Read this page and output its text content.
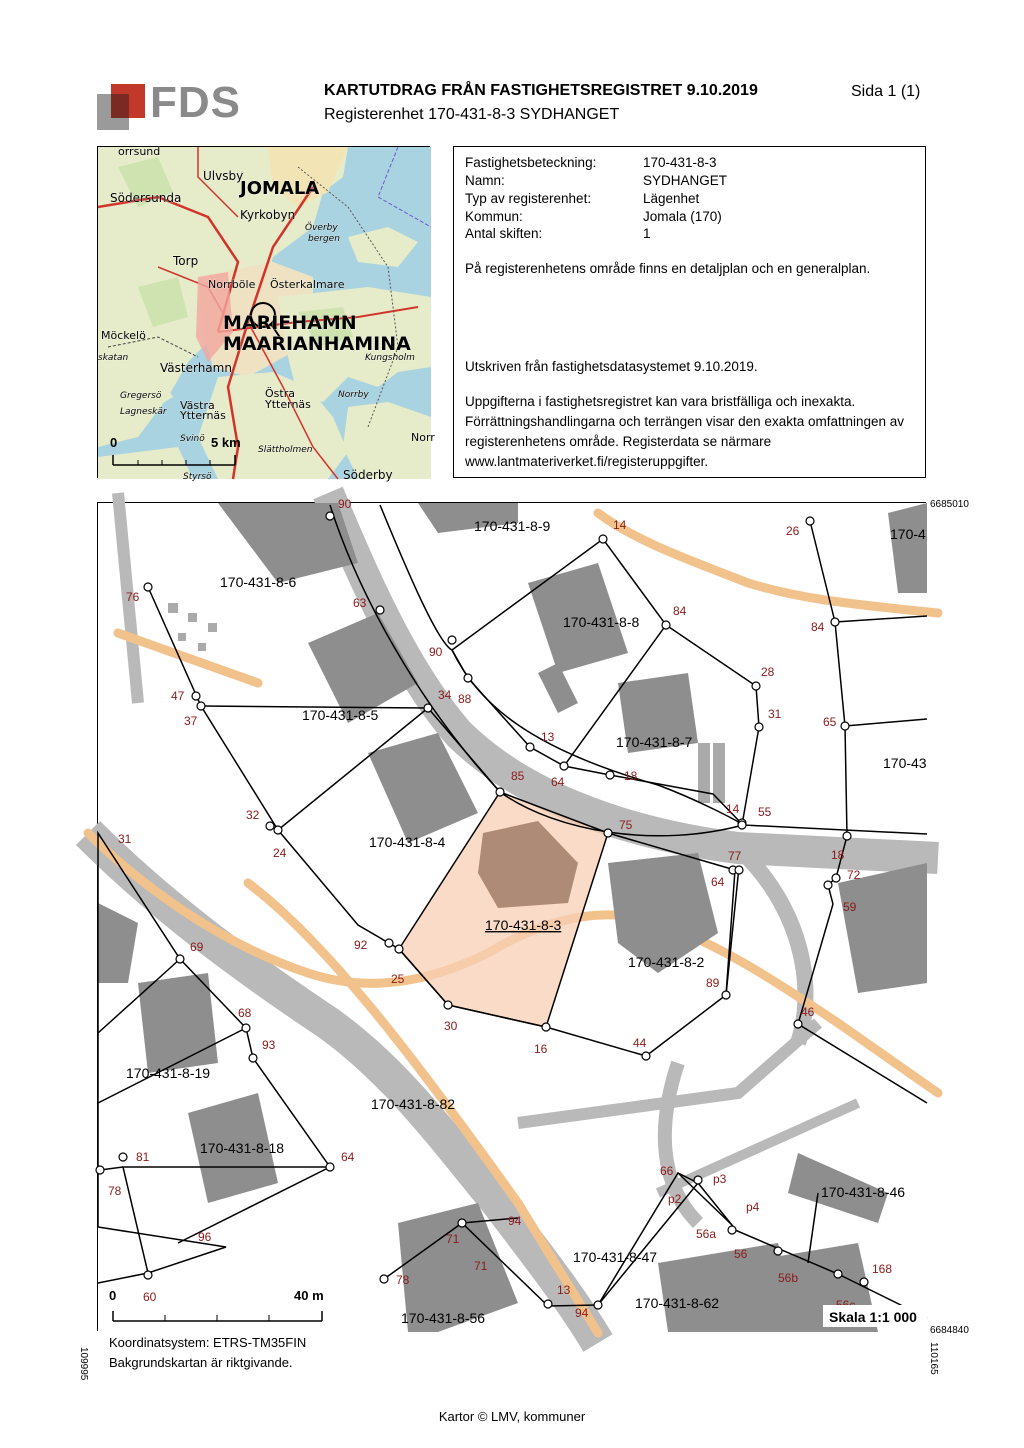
FDS	KARTUTDRAG FRÅN FASTIGHETSREGISTRET 9.10.2019
Registerenhet 170-431-8-3 SYDHANGET
Sida 1 (1)
orrsund
Ulvsby
JOMALA
Södersunda
Kyrkobyn
Överby
bergen
Torp
Norrböle Österkalmare
MARIEHAMN
MAARIANHAMINA
Möckelö
Kungsholm
skatan
Västerhamn
Östra
Ytternäs
Gregersö
Västra
Ytternäs
Lagneskär
Svinö
Norrby
Norr
Slättholmen
Söderby
Styrsö
0	5 km
Fastighetsbeteckning:	170-431-8-3
Namn:	SYDHANGET
Typ av registerenhet:	Lägenhet
Kommun:	Jomala (170)
Antal skiften:	1
På registerenhetens område finns en detaljplan och en generalplan.
Utskriven från fastighetsdatasystemet 9.10.2019.
Uppgifterna i fastighetsregistret kan vara bristfälliga och inexakta. Förrättningshandlingarna och terrängen visar den exakta omfattningen av registerenhetens område. Registerdata se närmare www.lantmateriverket.fi/registeruppgifter.
6685010
90
14	26
76	63
84
84
90
28
47
37
34 88
31
65
13
85 64	18
14 55
32
75
31
24	77	18
64	72
59
69	92
25	89
30
16	44
46
68
93
81	64
66
p3
78
p2
p4
94
56a
71
56
96
71
56b
168
78
13
60
94
170-431-8-9	170-4
170-431-8-6
170-431-8-8
170-431-8-5
170-431-8-7
170-43
170-431-8-4
170-431-8-3
170-431-8-2
170-431-8-19
170-431-8-82
170-431-8-18
170-431-8-46
170-431-8-47
170-431-8-62
170-431-8-56
0	40 m
Skala 1:1 000
6684840
109995	110165
Koordinatsystem: ETRS-TM35FIN
Bakgrundskartan är riktgivande.
Kartor © LMV, kommuner
